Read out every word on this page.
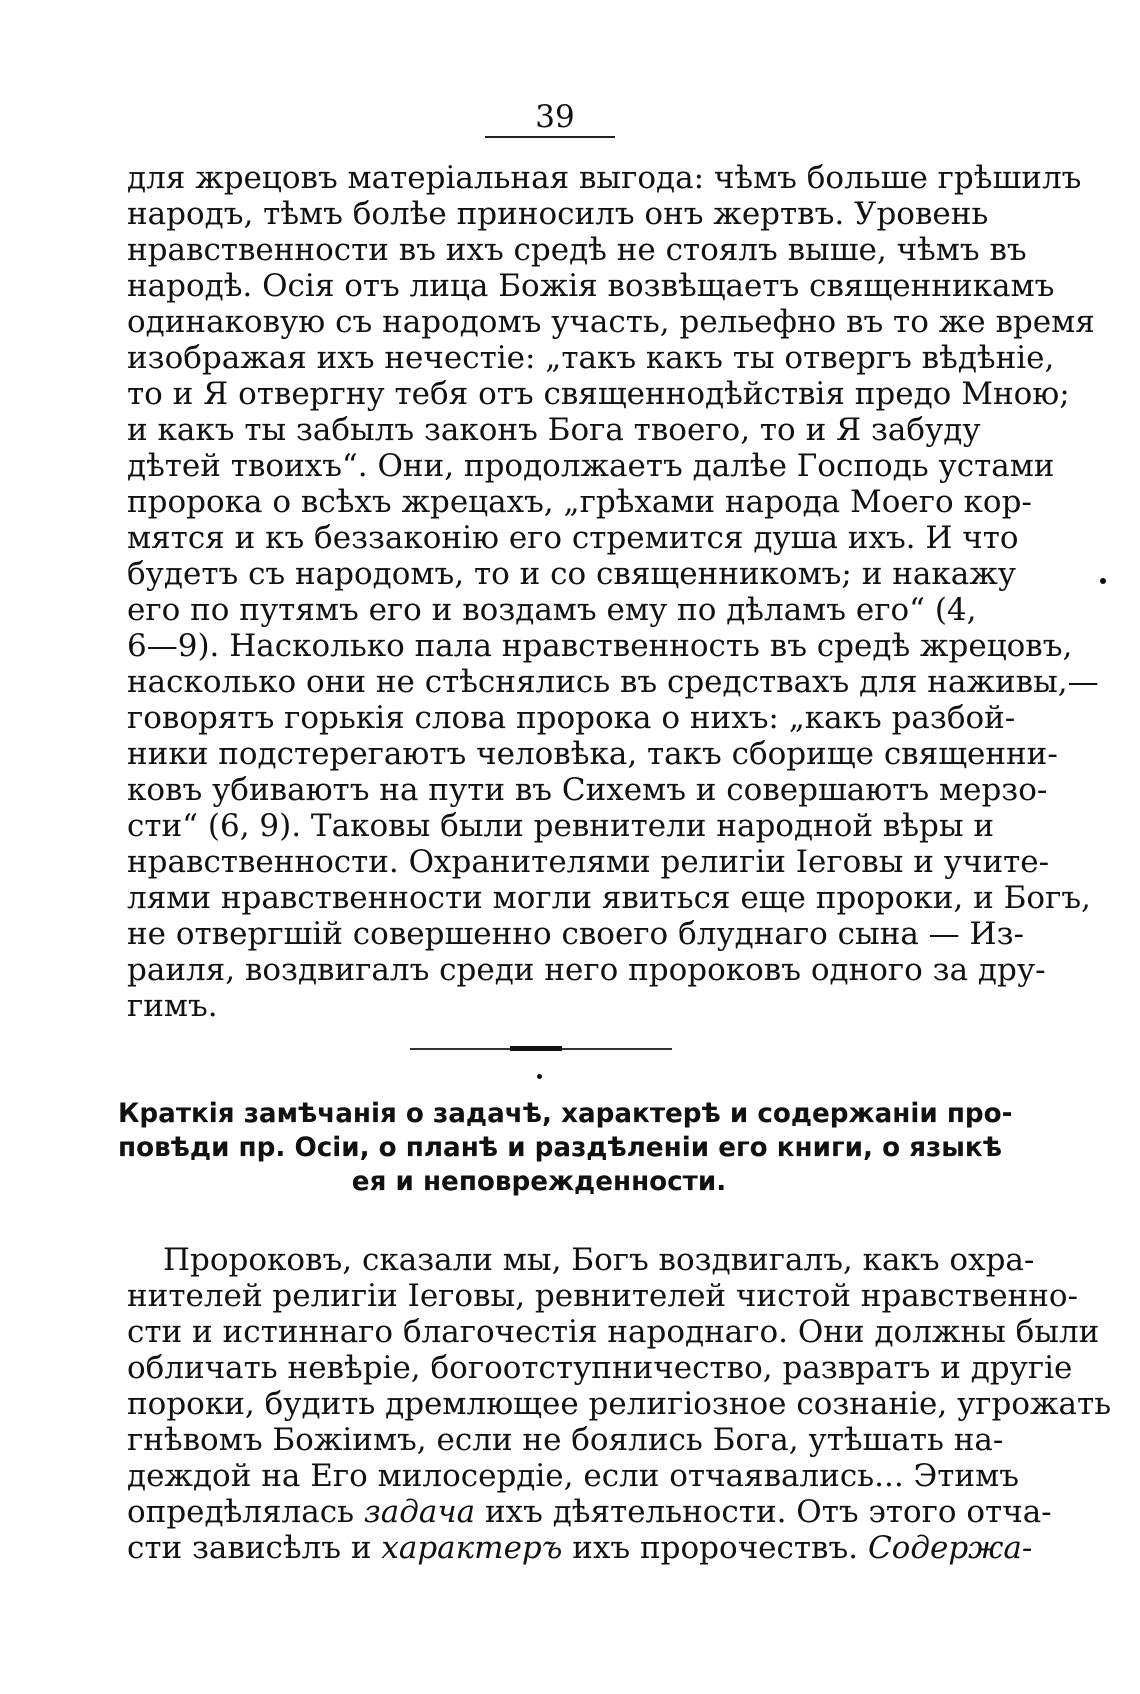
39
для жрецовъ матеріальная выгода: чѣмъ больше грѣшилъ
народъ, тѣмъ болѣе приносилъ онъ жертвъ. Уровень
нравственности въ ихъ средѣ не стоялъ выше, чѣмъ въ
народѣ. Осія отъ лица Божія возвѣщаетъ священникамъ
одинаковую съ народомъ участь, рельефно въ то же время
изображая ихъ нечестіе: „такъ какъ ты отвергъ вѣдѣніе,
то и Я отвергну тебя отъ священнодѣйствія предо Мною;
и какъ ты забылъ законъ Бога твоего, то и Я забуду
дѣтей твоихъ“. Они, продолжаетъ далѣе Господь устами
пророка о всѣхъ жрецахъ, „грѣхами народа Моего кор-
мятся и къ беззаконію его стремится душа ихъ. И что
будетъ съ народомъ, то и со священникомъ; и накажу
его по путямъ его и воздамъ ему по дѣламъ его“ (4,
6—9). Насколько пала нравственность въ средѣ жрецовъ,
насколько они не стѣснялись въ средствахъ для наживы,—
говорятъ горькія слова пророка о нихъ: „какъ разбой-
ники подстерегаютъ человѣка, такъ сборище священни-
ковъ убиваютъ на пути въ Сихемъ и совершаютъ мерзо-
сти“ (6, 9). Таковы были ревнители народной вѣры и
нравственности. Охранителями религіи Іеговы и учите-
лями нравственности могли явиться еще пророки, и Богъ,
не отвергшій совершенно своего блуднаго сына — Из-
раиля, воздвигалъ среди него пророковъ одного за дру-
гимъ.
Краткія замѣчанія о задачѣ, характерѣ и содержаніи про-
повѣди пр. Осіи, о планѣ и раздѣленіи его книги, о языкѣ
ея и неповрежденности.
Пророковъ, сказали мы, Богъ воздвигалъ, какъ охра-
нителей религіи Іеговы, ревнителей чистой нравственно-
сти и истиннаго благочестія народнаго. Они должны были
обличать невѣріе, богоотступничество, развратъ и другіе
пороки, будить дремлющее религіозное сознаніе, угрожать
гнѣвомъ Божіимъ, если не боялись Бога, утѣшать на-
деждой на Его милосердіе, если отчаявались... Этимъ
опредѣлялась задача ихъ дѣятельности. Отъ этого отча-
сти зависѣлъ и характеръ ихъ пророчествъ. Содержа-
